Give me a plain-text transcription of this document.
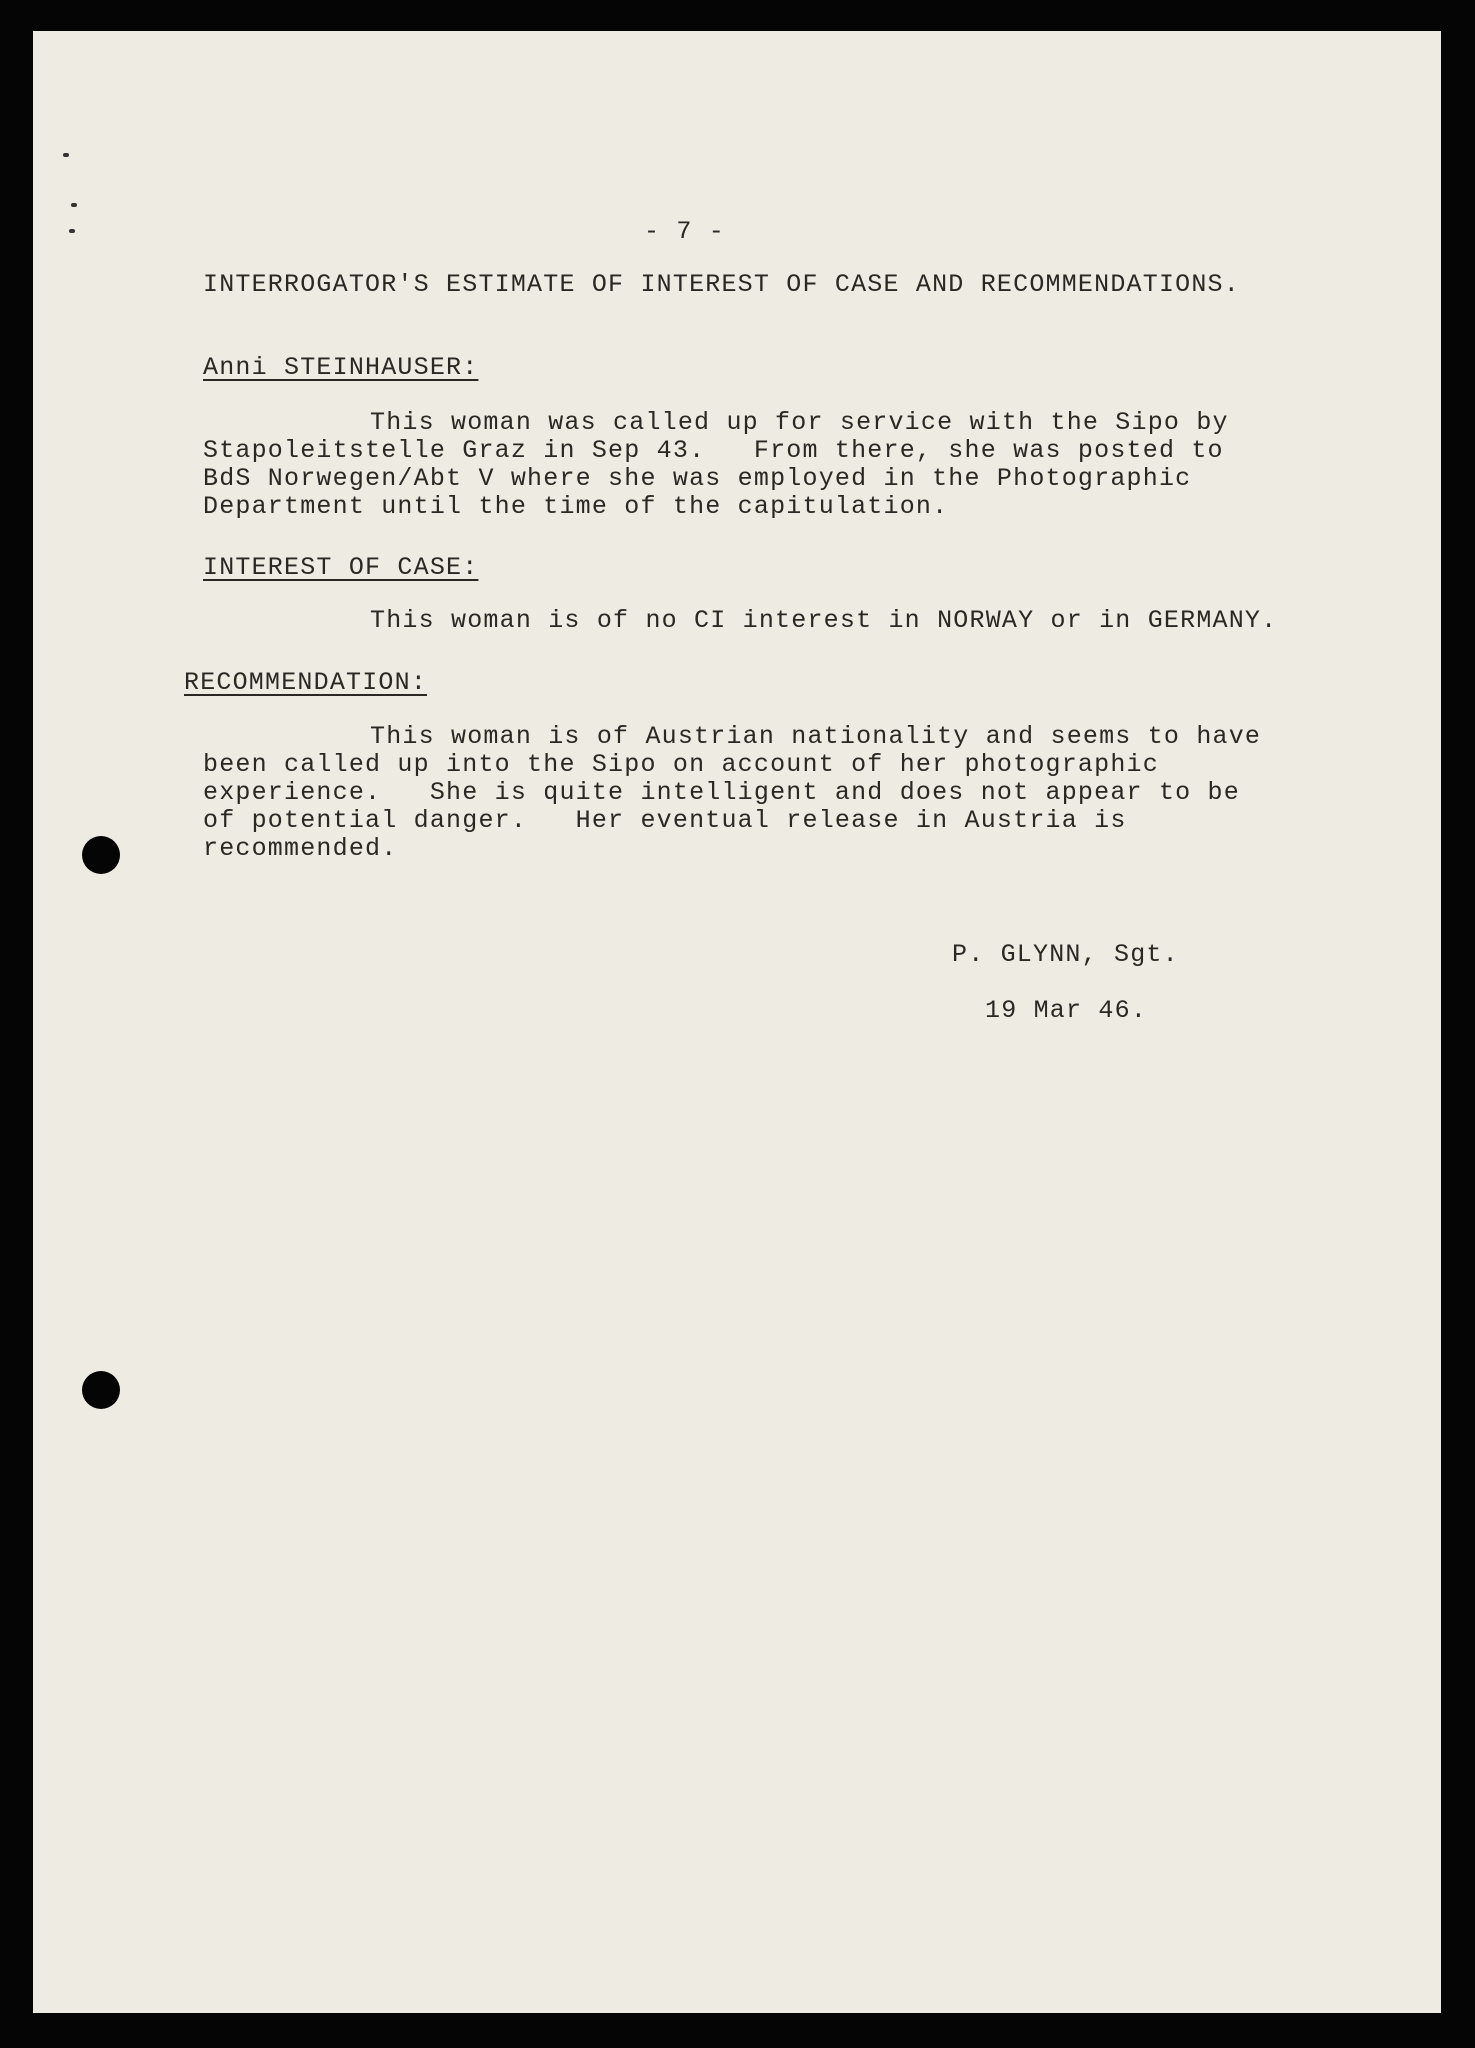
- 7 -
INTERROGATOR'S ESTIMATE OF INTEREST OF CASE AND RECOMMENDATIONS.
Anni STEINHAUSER:
This woman was called up for service with the Sipo by
Stapoleitstelle Graz in Sep 43.   From there, she was posted to
BdS Norwegen/Abt V where she was employed in the Photographic
Department until the time of the capitulation.
INTEREST OF CASE:
This woman is of no CI interest in NORWAY or in GERMANY.
RECOMMENDATION:
This woman is of Austrian nationality and seems to have
been called up into the Sipo on account of her photographic
experience.   She is quite intelligent and does not appear to be
of potential danger.   Her eventual release in Austria is
recommended.
P. GLYNN, Sgt.
19 Mar 46.
